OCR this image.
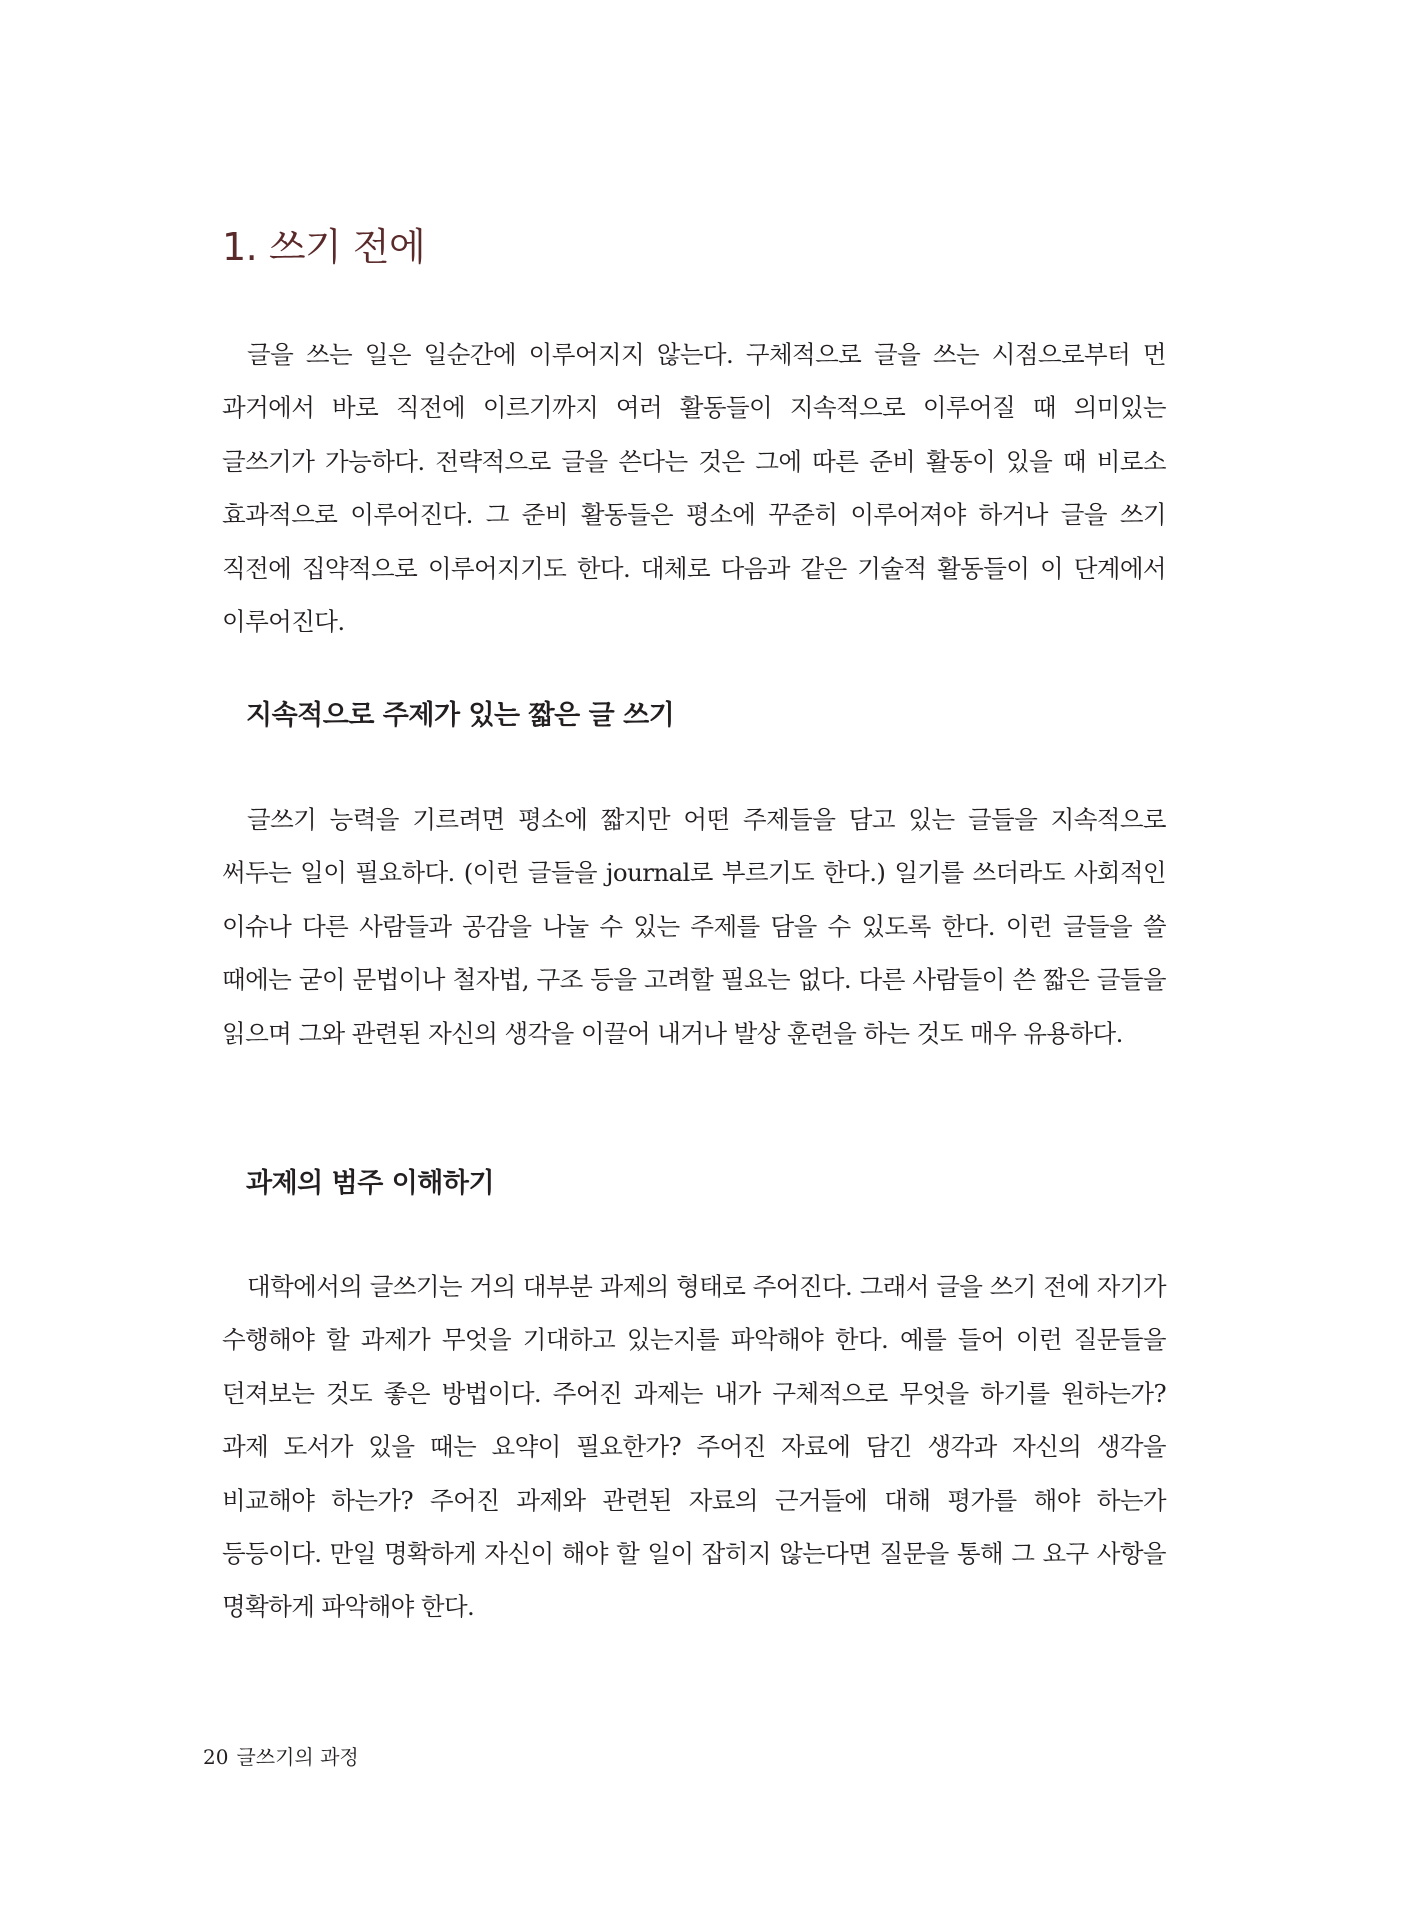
1. 쓰기 전에

글을 쓰는 일은 일순간에 이루어지지 않는다. 구체적으로 글을 쓰는 시점으로부터 먼 과거에서 바로 직전에 이르기까지 여러 활동들이 지속적으로 이루어질 때 의미있는 글쓰기가 가능하다. 전략적으로 글을 쓴다는 것은 그에 따른 준비 활동이 있을 때 비로소 효과적으로 이루어진다. 그 준비 활동들은 평소에 꾸준히 이루어져야 하거나 글을 쓰기 직전에 집약적으로 이루어지기도 한다. 대체로 다음과 같은 기술적 활동들이 이 단계에서 이루어진다.

지속적으로 주제가 있는 짧은 글 쓰기

글쓰기 능력을 기르려면 평소에 짧지만 어떤 주제들을 담고 있는 글들을 지속적으로 써두는 일이 필요하다. (이런 글들을 journal로 부르기도 한다.) 일기를 쓰더라도 사회적인 이슈나 다른 사람들과 공감을 나눌 수 있는 주제를 담을 수 있도록 한다. 이런 글들을 쓸 때에는 굳이 문법이나 철자법, 구조 등을 고려할 필요는 없다. 다른 사람들이 쓴 짧은 글들을 읽으며 그와 관련된 자신의 생각을 이끌어 내거나 발상 훈련을 하는 것도 매우 유용하다.

과제의 범주 이해하기

대학에서의 글쓰기는 거의 대부분 과제의 형태로 주어진다. 그래서 글을 쓰기 전에 자기가 수행해야 할 과제가 무엇을 기대하고 있는지를 파악해야 한다. 예를 들어 이런 질문들을 던져보는 것도 좋은 방법이다. 주어진 과제는 내가 구체적으로 무엇을 하기를 원하는가? 과제 도서가 있을 때는 요약이 필요한가? 주어진 자료에 담긴 생각과 자신의 생각을 비교해야 하는가? 주어진 과제와 관련된 자료의 근거들에 대해 평가를 해야 하는가 등등이다. 만일 명확하게 자신이 해야 할 일이 잡히지 않는다면 질문을 통해 그 요구 사항을 명확하게 파악해야 한다.

20 글쓰기의 과정
